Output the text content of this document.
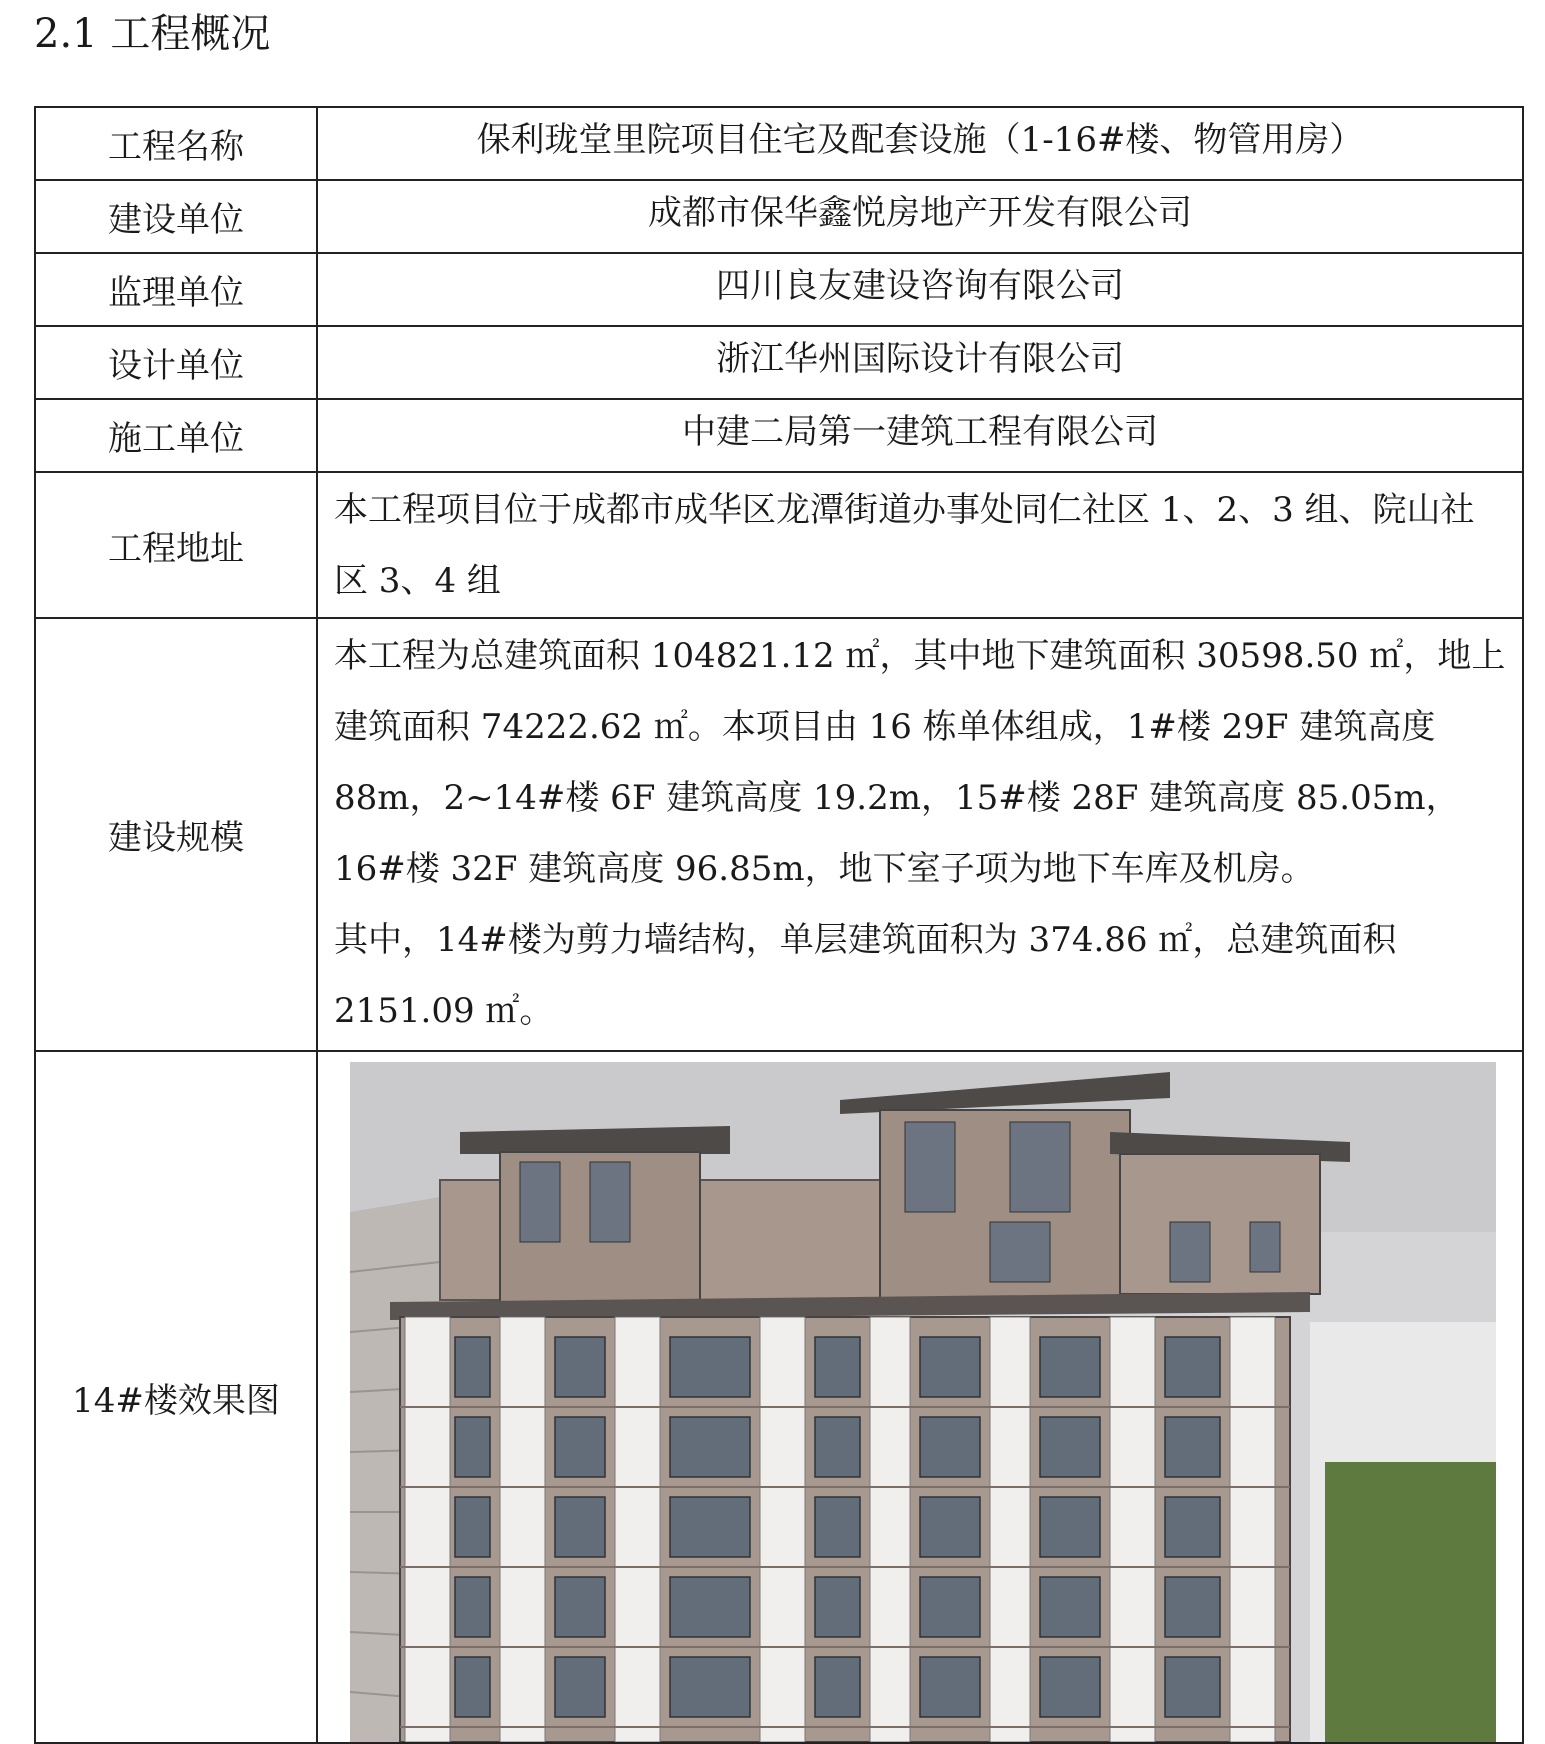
2.1 工程概况
工程名称	保利珑堂里院项目住宅及配套设施（1-16#楼、物管用房）
建设单位	成都市保华鑫悦房地产开发有限公司
监理单位	四川良友建设咨询有限公司
设计单位	浙江华州国际设计有限公司
施工单位	中建二局第一建筑工程有限公司
工程地址	本工程项目位于成都市成华区龙潭街道办事处同仁社区 1、2、3 组、院山社区 3、4 组
建设规模	本工程为总建筑面积 104821.12 ㎡，其中地下建筑面积 30598.50 ㎡，地上建筑面积 74222.62 ㎡。本项目由 16 栋单体组成，1#楼 29F 建筑高度 88m，2~14#楼 6F 建筑高度 19.2m，15#楼 28F 建筑高度 85.05m，16#楼 32F 建筑高度 96.85m，地下室子项为地下车库及机房。

其中，14#楼为剪力墙结构，单层建筑面积为 374.86 ㎡，总建筑面积 2151.09 ㎡。

14#楼效果图	
